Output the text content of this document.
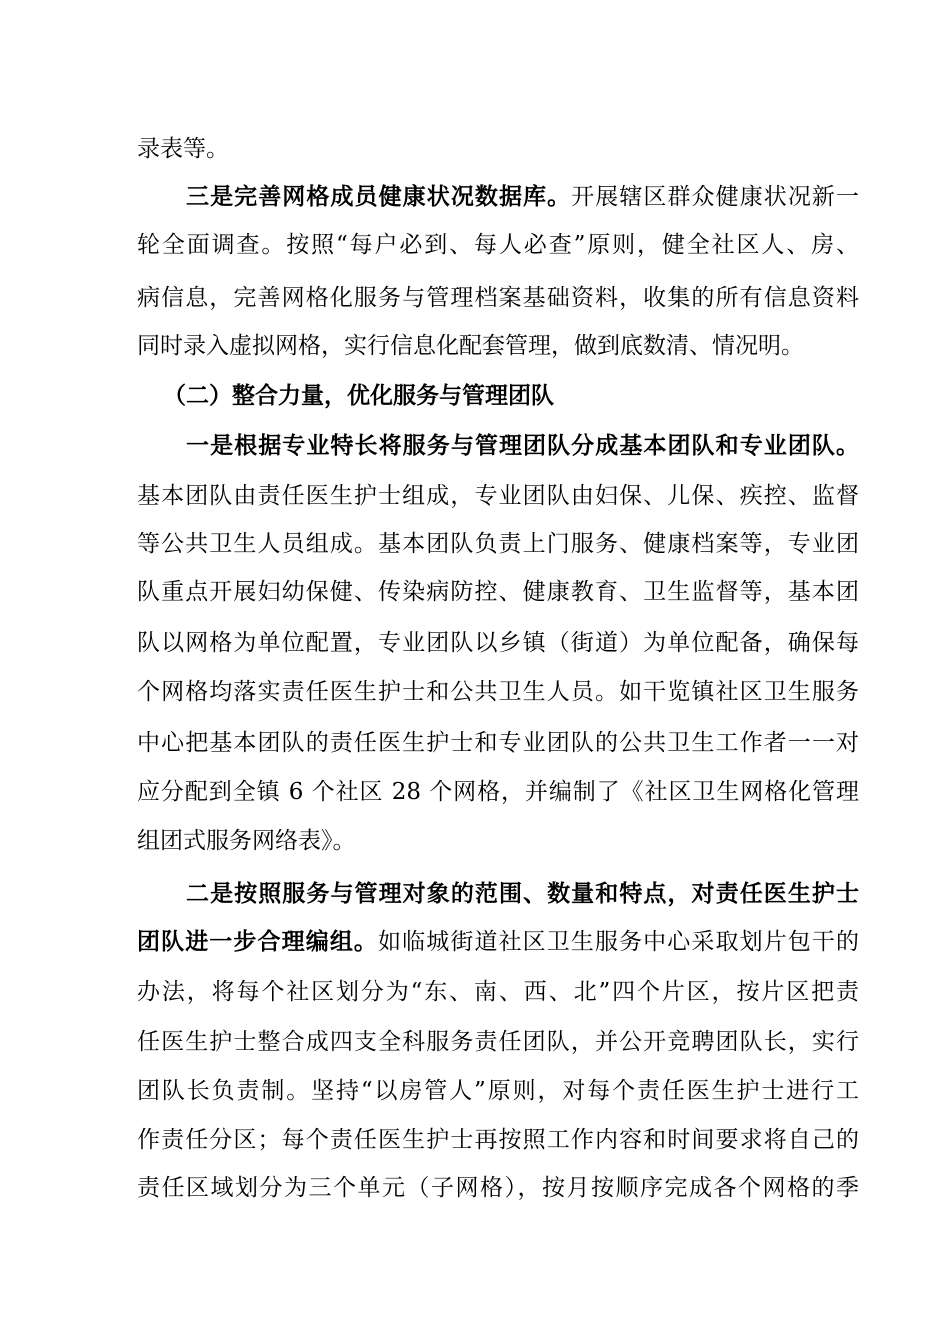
录表等。
三是完善网格成员健康状况数据库。开展辖区群众健康状况新一
轮全面调查。按照“每户必到、每人必查”原则，健全社区人、房、
病信息，完善网格化服务与管理档案基础资料，收集的所有信息资料
同时录入虚拟网格，实行信息化配套管理，做到底数清、情况明。
（二）整合力量，优化服务与管理团队
一是根据专业特长将服务与管理团队分成基本团队和专业团队。
基本团队由责任医生护士组成，专业团队由妇保、儿保、疾控、监督
等公共卫生人员组成。基本团队负责上门服务、健康档案等，专业团
队重点开展妇幼保健、传染病防控、健康教育、卫生监督等，基本团
队以网格为单位配置，专业团队以乡镇（街道）为单位配备，确保每
个网格均落实责任医生护士和公共卫生人员。如干览镇社区卫生服务
中心把基本团队的责任医生护士和专业团队的公共卫生工作者一一对
应分配到全镇 6 个社区 28 个网格，并编制了《社区卫生网格化管理
组团式服务网络表》。
二是按照服务与管理对象的范围、数量和特点，对责任医生护士
团队进一步合理编组。如临城街道社区卫生服务中心采取划片包干的
办法，将每个社区划分为“东、南、西、北”四个片区，按片区把责
任医生护士整合成四支全科服务责任团队，并公开竞聘团队长，实行
团队长负责制。坚持“以房管人”原则，对每个责任医生护士进行工
作责任分区；每个责任医生护士再按照工作内容和时间要求将自己的
责任区域划分为三个单元（子网格），按月按顺序完成各个网格的季
